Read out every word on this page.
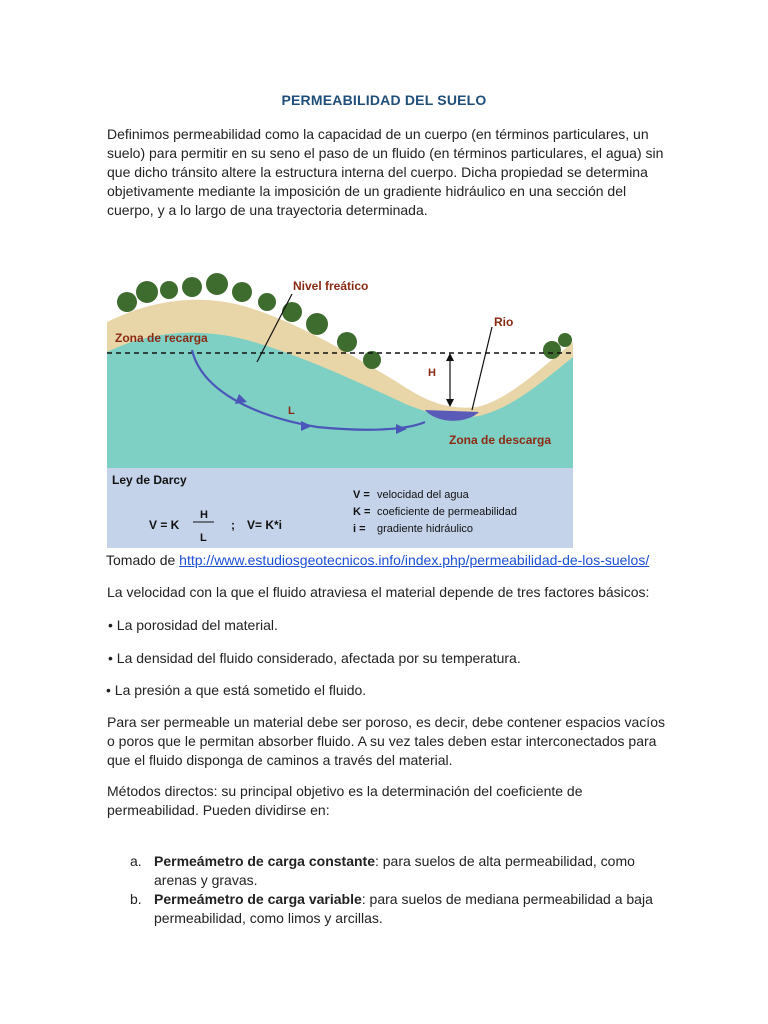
PERMEABILIDAD DEL SUELO
Definimos permeabilidad como la capacidad de un cuerpo (en términos particulares, un suelo) para permitir en su seno el paso de un fluido (en términos particulares, el agua) sin que dicho tránsito altere la estructura interna del cuerpo. Dicha propiedad se determina objetivamente mediante la imposición de un gradiente hidráulico en una sección del cuerpo, y a lo largo de una trayectoria determinada.
Nivel freático
Rio
Zona de recarga
Zona de descarga
H
L
Ley de Darcy
V = K
H
L
; V= K*i
V = velocidad del agua
K = coeficiente de permeabilidad
i = gradiente hidráulico
Tomado de http://www.estudiosgeotecnicos.info/index.php/permeabilidad-de-los-suelos/
La velocidad con la que el fluido atraviesa el material depende de tres factores básicos:
• La porosidad del material.
• La densidad del fluido considerado, afectada por su temperatura.
• La presión a que está sometido el fluido.
Para ser permeable un material debe ser poroso, es decir, debe contener espacios vacíos o poros que le permitan absorber fluido. A su vez tales deben estar interconectados para que el fluido disponga de caminos a través del material.
Métodos directos: su principal objetivo es la determinación del coeficiente de permeabilidad. Pueden dividirse en:
a. Permeámetro de carga constante: para suelos de alta permeabilidad, como arenas y gravas.
b. Permeámetro de carga variable: para suelos de mediana permeabilidad a baja permeabilidad, como limos y arcillas.
